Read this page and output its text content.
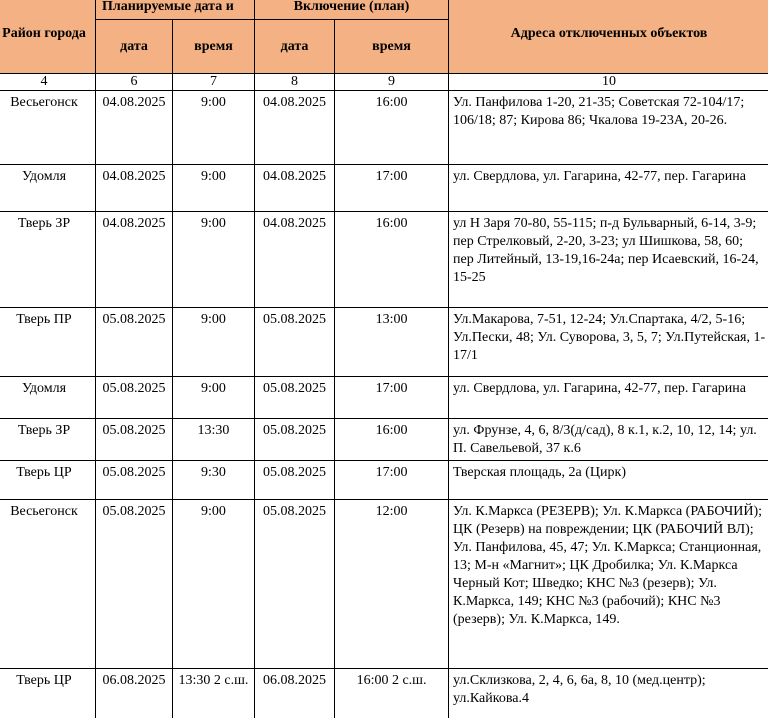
Район города	Планируемые дата и		Включение (план)		Адреса отключенных объектов
	дата	время	дата	время	
4	6	7	8	9	10
Весьегонск	04.08.2025	9:00	04.08.2025	16:00	Ул. Панфилова 1-20, 21-35; Советская 72-104/17; 106/18; 87; Кирова 86; Чкалова 19-23А, 20-26.
Удомля	04.08.2025	9:00	04.08.2025	17:00	ул. Свердлова, ул. Гагарина, 42-77, пер. Гагарина
Тверь ЗР	04.08.2025	9:00	04.08.2025	16:00	ул Н Заря 70-80, 55-115; п-д Бульварный, 6-14, 3-9; пер Стрелковый, 2-20, 3-23; ул Шишкова, 58, 60; пер Литейный, 13-19,16-24а; пер Исаевский, 16-24, 15-25
Тверь ПР	05.08.2025	9:00	05.08.2025	13:00	Ул.Макарова, 7-51, 12-24; Ул.Спартака, 4/2, 5-16; Ул.Пески, 48; Ул. Суворова, 3, 5, 7; Ул.Путейская, 1-17/1
Удомля	05.08.2025	9:00	05.08.2025	17:00	ул. Свердлова, ул. Гагарина, 42-77, пер. Гагарина
Тверь ЗР	05.08.2025	13:30	05.08.2025	16:00	ул. Фрунзе, 4, 6, 8/3(д/сад), 8 к.1, к.2, 10, 12, 14; ул. П. Савельевой, 37 к.6
Тверь ЦР	05.08.2025	9:30	05.08.2025	17:00	Тверская площадь, 2а (Цирк)
Весьегонск	05.08.2025	9:00	05.08.2025	12:00	Ул. К.Маркса (РЕЗЕРВ); Ул. К.Маркса (РАБОЧИЙ); ЦК (Резерв) на повреждении; ЦК (РАБОЧИЙ ВЛ); Ул. Панфилова, 45, 47; Ул. К.Маркса; Станционная, 13; М-н «Магнит»; ЦК Дробилка; Ул. К.Маркса Черный Кот; Шведко; КНС №3 (резерв); Ул. К.Маркса, 149; КНС №3 (рабочий); КНС №3 (резерв); Ул. К.Маркса, 149.
Тверь ЦР	06.08.2025	13:30 2 с.ш.	06.08.2025	16:00 2 с.ш.	ул.Склизкова, 2, 4, 6, 6а, 8, 10 (мед.центр); ул.Кайкова.4
